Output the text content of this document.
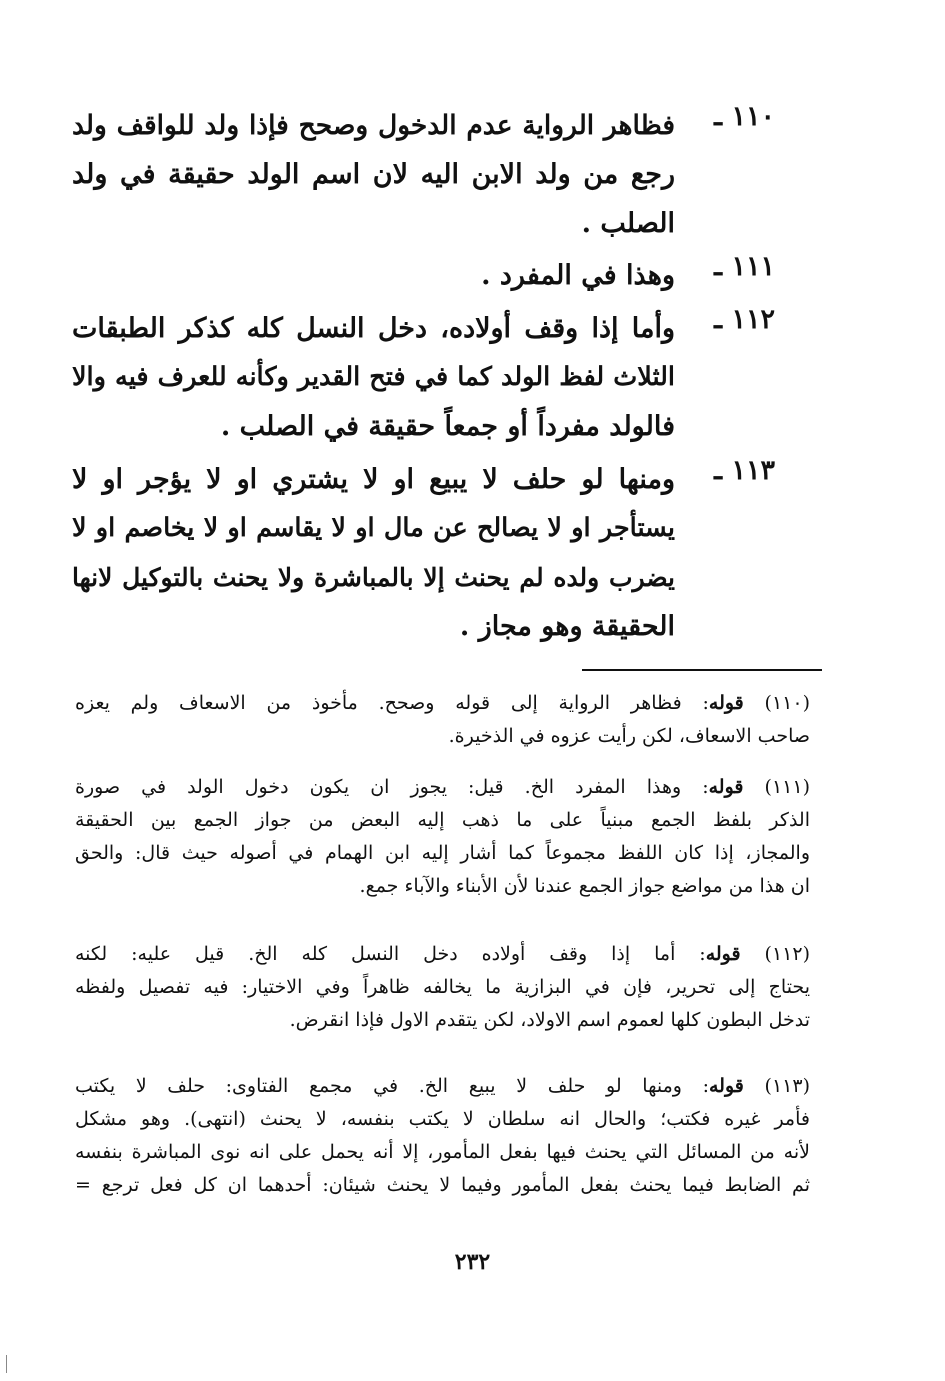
١١٠ ـ
فظاهر الرواية عدم الدخول وصحح فإذا ولد للواقف ولد
رجع من ولد الابن اليه لان اسم الولد حقيقة في ولد
الصلب .
١١١ ـ
وهذا في المفرد .
١١٢ ـ
وأما إذا وقف أولاده، دخل النسل كله كذكر الطبقات
الثلاث لفظ الولد كما في فتح القدير وكأنه للعرف فيه والا
فالولد مفرداً أو جمعاً حقيقة في الصلب .
١١٣ ـ
ومنها لو حلف لا يبيع او لا يشتري او لا يؤجر او لا
يستأجر او لا يصالح عن مال او لا يقاسم او لا يخاصم او لا
يضرب ولده لم يحنث إلا بالمباشرة ولا يحنث بالتوكيل لانها
الحقيقة وهو مجاز .
(١١٠) قوله: فظاهر الرواية إلى قوله وصحح. مأخوذ من الاسعاف ولم يعزه
صاحب الاسعاف، لكن رأيت عزوه في الذخيرة.
(١١١) قوله: وهذا المفرد الخ. قيل: يجوز ان يكون دخول الولد في صورة
الذكر بلفظ الجمع مبنياً على ما ذهب إليه البعض من جواز الجمع بين الحقيقة
والمجاز، إذا كان اللفظ مجموعاً كما أشار إليه ابن الهمام في أصوله حيث قال: والحق
ان هذا من مواضع جواز الجمع عندنا لأن الأبناء والآباء جمع.
(١١٢) قوله: أما إذا وقف أولاده دخل النسل كله الخ. قيل عليه: لكنه
يحتاج إلى تحرير، فإن في البزازية ما يخالفه ظاهراً وفي الاختيار: فيه تفصيل ولفظه
تدخل البطون كلها لعموم اسم الاولاد، لكن يتقدم الاول فإذا انقرض.
(١١٣) قوله: ومنها لو حلف لا يبيع الخ. في مجمع الفتاوى: حلف لا يكتب
فأمر غيره فكتب؛ والحال انه سلطان لا يكتب بنفسه، لا يحنث (انتهى). وهو مشكل
لأنه من المسائل التي يحنث فيها بفعل المأمور، إلا أنه يحمل على انه نوى المباشرة بنفسه
ثم الضابط فيما يحنث بفعل المأمور وفيما لا يحنث شيئان: أحدهما ان كل فعل ترجع =
٢٣٢
